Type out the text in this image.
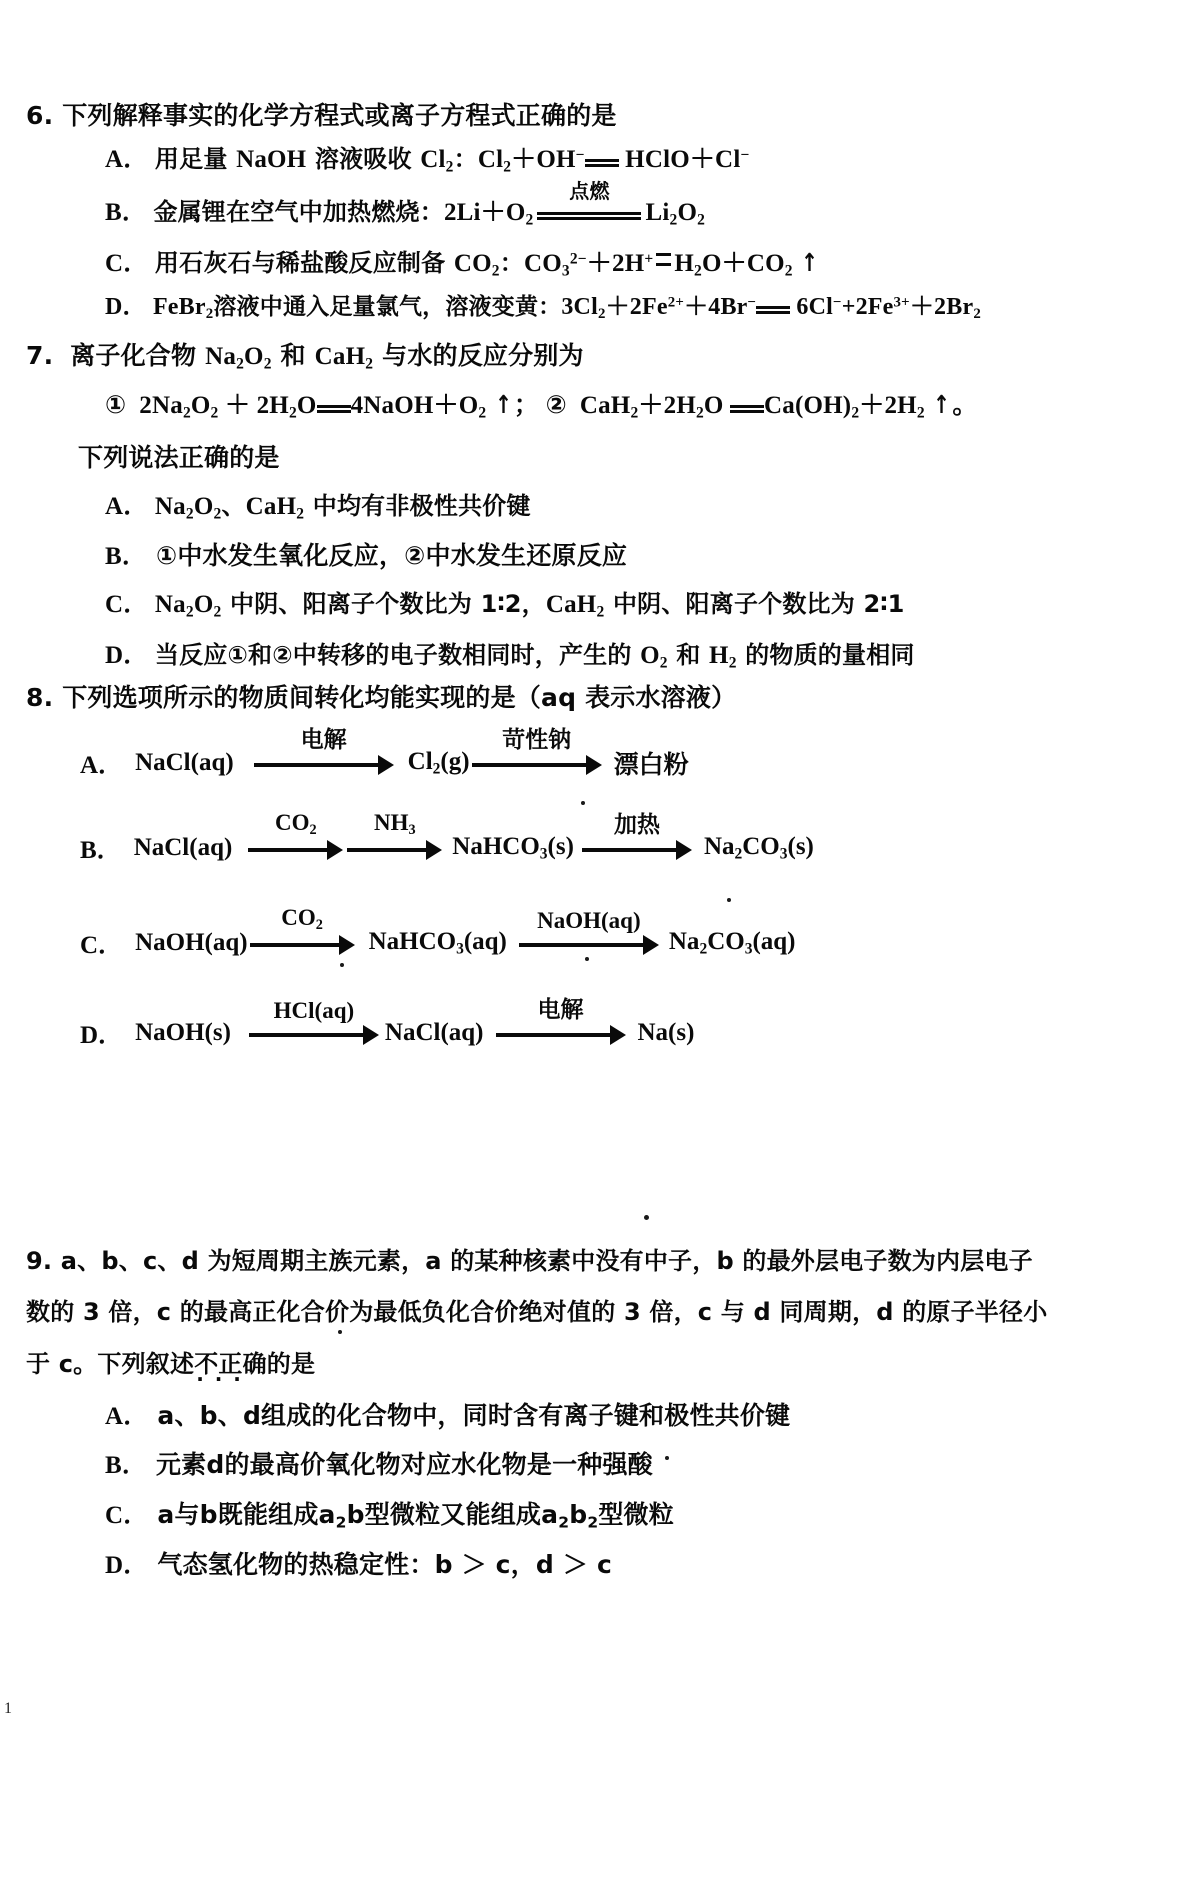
6. 下列解释事实的化学方程式或离子方程式正确的是
A． 用足量 NaOH 溶液吸收 $Cl_2$：$Cl_2+OH^-$ HClO＋Cl−
B． 金属锂在空气中加热燃烧：$2Li+O_2$
点燃
$Li_2O_2$
C． 用石灰石与稀盐酸反应制备 $CO_2$：$CO_3^{2-}+2H^+$ $H_2O+CO_2$ ↑
D． FeBr$_2$溶液中通入足量氯气，溶液变黄：$3Cl_2+2Fe^{2+}+4Br^-$ $6Cl^-+2Fe^{3+}+2Br_2$
7. 离子化合物 $Na_2O_2$ 和 CaH$_2$ 与水的反应分别为
①  $2Na_2O_2 + 2H_2O$ $4NaOH+O_2$ ↑； ②  $CaH_2+2H_2O$ $Ca(OH)_2+2H_2$ ↑。
下列说法正确的是
A． $Na_2O_2$、CaH$_2$ 中均有非极性共价键
B． ①中水发生氧化反应，②中水发生还原反应
C． $Na_2O_2$ 中阴、阳离子个数比为 1∶2，CaH$_2$ 中阴、阳离子个数比为 2∶1
D． 当反应①和②中转移的电子数相同时，产生的 $O_2$ 和 $H_2$ 的物质的量相同
8. 下列选项所示的物质间转化均能实现的是（aq 表示水溶液）
A． NaCl(aq)
电解
$Cl_2(g)$
苛性钠
漂白粉
B． NaCl(aq)
$CO_2$ $NH_3$
NaHCO$_3$(s)
加热
$Na_2CO_3(s)$
C． NaOH(aq)
$CO_2$
NaHCO$_3$(aq)
NaOH(aq)
$Na_2CO_3(aq)$
D． NaOH(s)
HCl(aq)
NaCl(aq)
电解
Na(s)
9. a、b、c、d 为短周期主族元素，a 的某种核素中没有中子，b 的最外层电子数为内层电子
数的 3 倍，c 的最高正化合价为最低负化合价绝对值的 3 倍，c 与 d 同周期，d 的原子半径小
于 c。下列叙述不正确 · · ·的是
A． a、b、d组成的化合物中，同时含有离子键和极性共价键
B． 元素d的最高价氧化物对应水化物是一种强酸
C． a与b既能组成$a_2b$型微粒又能组成$a_2b_2$型微粒
D． 气态氢化物的热稳定性：b ＞ c，d ＞ c
1
